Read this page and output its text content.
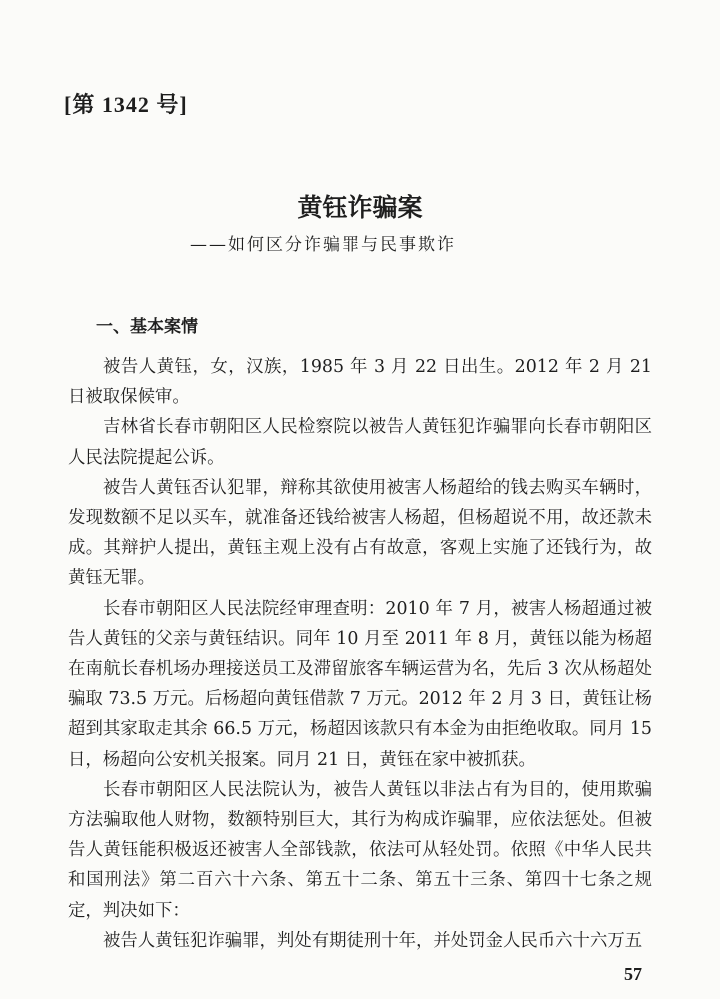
[第 1342 号]
黄钰诈骗案
——如何区分诈骗罪与民事欺诈
一、基本案情

被告人黄钰，女，汉族，1985 年 3 月 22 日出生。2012 年 2 月 21 日被取保候审。

吉林省长春市朝阳区人民检察院以被告人黄钰犯诈骗罪向长春市朝阳区人民法院提起公诉。

被告人黄钰否认犯罪，辩称其欲使用被害人杨超给的钱去购买车辆时，发现数额不足以买车，就准备还钱给被害人杨超，但杨超说不用，故还款未成。其辩护人提出，黄钰主观上没有占有故意，客观上实施了还钱行为，故黄钰无罪。

长春市朝阳区人民法院经审理查明：2010 年 7 月，被害人杨超通过被告人黄钰的父亲与黄钰结识。同年 10 月至 2011 年 8 月，黄钰以能为杨超在南航长春机场办理接送员工及滞留旅客车辆运营为名，先后 3 次从杨超处骗取 73.5 万元。后杨超向黄钰借款 7 万元。2012 年 2 月 3 日，黄钰让杨超到其家取走其余 66.5 万元，杨超因该款只有本金为由拒绝收取。同月 15 日，杨超向公安机关报案。同月 21 日，黄钰在家中被抓获。

长春市朝阳区人民法院认为，被告人黄钰以非法占有为目的，使用欺骗方法骗取他人财物，数额特别巨大，其行为构成诈骗罪，应依法惩处。但被告人黄钰能积极返还被害人全部钱款，依法可从轻处罚。依照《中华人民共和国刑法》第二百六十六条、第五十二条、第五十三条、第四十七条之规定，判决如下：

被告人黄钰犯诈骗罪，判处有期徒刑十年，并处罚金人民币六十六万五

57
